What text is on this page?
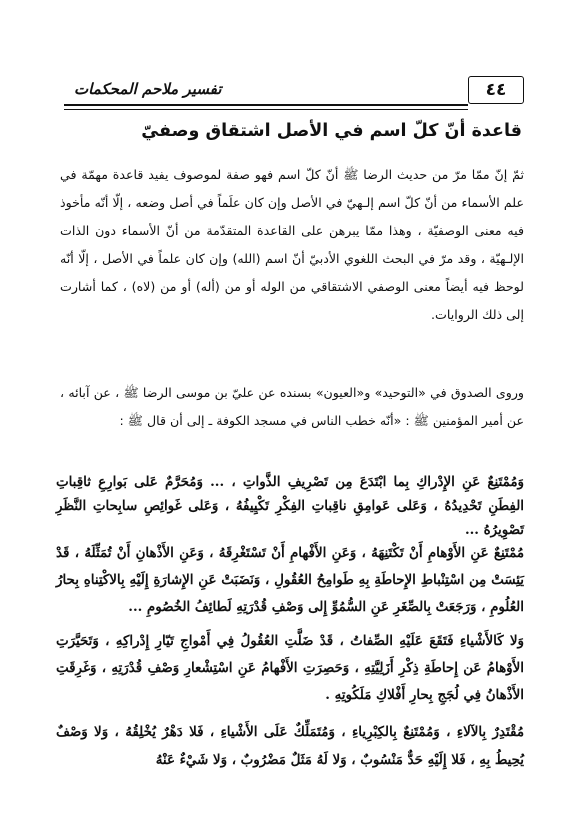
تفسير ملاحم المحكمات	٤٤
قاعدة أنّ كلّ اسم في الأصل اشتقاق وصفيّ

ثمّ إنّ ممّا مرّ من حديث الرضا ﷺ أنّ كلّ اسم فهو صفة لموصوف يفيد قاعدة مهمّة في علم الأسماء من أنّ كلّ اسم إلـهيّ في الأصل وإن كان علَماً في أصل وضعه ، إلّا أنّه مأخوذ فيه معنى الوصفيّة ، وهذا ممّا يبرهن على القاعدة المتقدّمة من أنّ الأسماء دون الذات الإلـهيّة ، وقد مرّ في البحث اللغوي الأدبيّ أنّ اسم (الله) وإن كان علماً في الأصل ، إلّا أنّه لوحظ فيه أيضاً معنى الوصفي الاشتقاقي من الوله أو من (أله) أو من (لاه) ، كما أشارت إلى ذلك الروايات.

وروى الصدوق في «التوحيد» و«العيون» بسنده عن عليّ بن موسى الرضا ﷺ ، عن آبائه ، عن أمير المؤمنين ﷺ : «أنّه خطب الناس في مسجد الكوفة ـ إلى أن قال ﷺ :

وَمُمْتَنِعٌ عَنِ الإِدْراكِ بِما ابْتَدَعَ مِن تَصْرِيفِ الذَّواتِ ، ... وَمُحَرَّمٌ عَلى بَوارِعِ ثاقِباتِ الفِطَنِ تَحْدِيدُهُ ، وَعَلى عَوامِقِ ناقِباتِ الفِكْرِ تَكْيِيفُهُ ، وَعَلى غَوائِصِ سابِحاتِ النَّظَرِ تَصْوِيرُهُ ...

مُمْتَنِعٌ عَنِ الأَوْهامِ أَنْ تَكْتَنِهَهُ ، وَعَنِ الأَفْهامِ أَنْ تَسْتَغْرِقَهُ ، وَعَنِ الأَذْهانِ أَنْ تُمَثِّلَهُ ، قَدْ يَئِسَتْ مِن اسْتِنْباطِ الإِحاطَةِ بِهِ طَوامِحُ العُقُولِ ، وَنَضَبَتْ عَنِ الإِشارَةِ إِلَيْهِ بِالاكْتِناهِ بِحارُ العُلُومِ ، وَرَجَعَتْ بِالصِّغَرِ عَنِ السُّمُوِّ إِلى وَصْفِ قُدْرَتِهِ لَطائِفُ الخُصُومِ ...

وَلا كَالأَشْياءِ فَتَقَعَ عَلَيْهِ الصِّفاتُ ، قَدْ ضَلَّتِ العُقُولُ فِي أَمْواجِ تَيّارِ إِدْراكِهِ ، وَتَحَيَّرَتِ الأَوْهامُ عَن إِحاطَةِ ذِكْرِ أَزَلِيَّتِهِ ، وَحَصِرَتِ الأَفْهامُ عَنِ اسْتِشْعارِ وَصْفِ قُدْرَتِهِ ، وَغَرِقَتِ الأَذْهانُ فِي لُجَجِ بِحارِ أَفْلاكِ مَلَكُوتِهِ .

مُقْتَدِرٌ بِالآلاءِ ، وَمُمْتَنِعٌ بِالكِبْرِياءِ ، وَمُتَمَلِّكٌ عَلَى الأَشْياءِ ، فَلا دَهْرٌ يُخْلِقُهُ ، وَلا وَصْفٌ يُحِيطُ بِهِ ، فَلا إِلَيْهِ حَدٌّ مَنْسُوبٌ ، وَلا لَهُ مَثَلٌ مَضْرُوبٌ ، وَلا شَيْءٌ عَنْهُ
